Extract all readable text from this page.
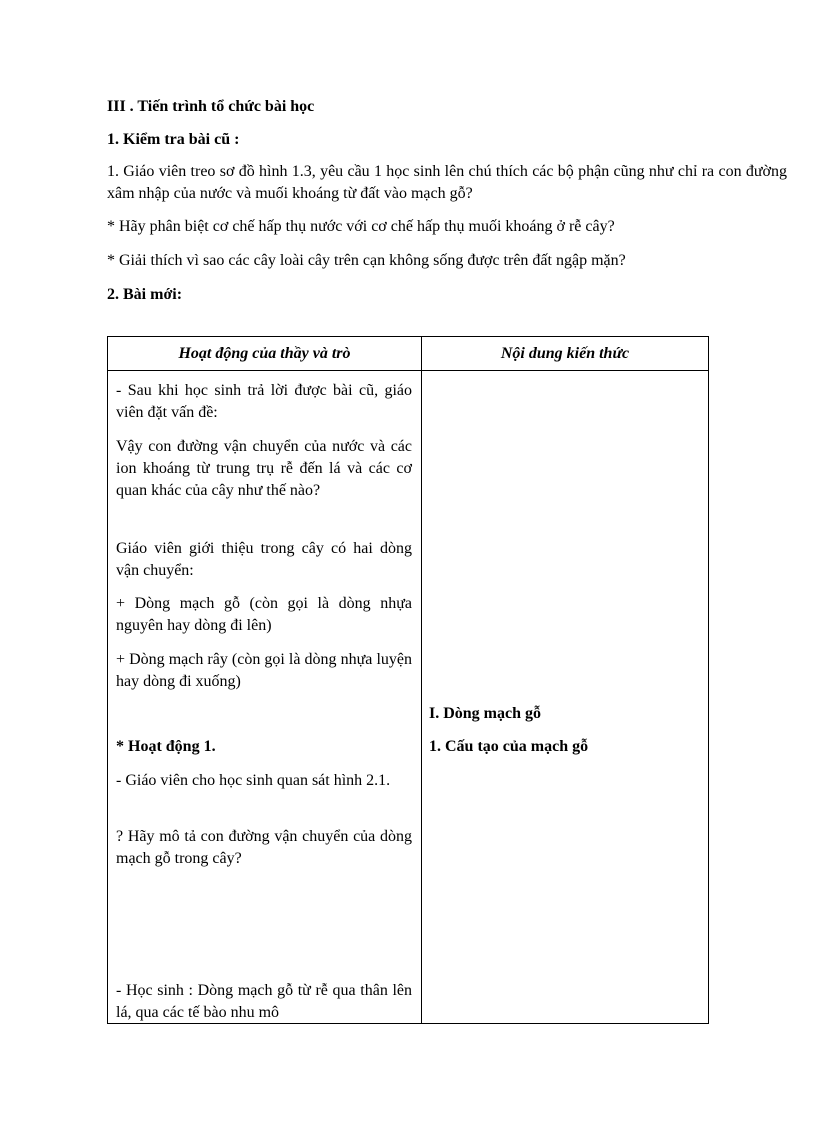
III . Tiến trình tổ chức bài học
1. Kiểm tra bài cũ :
1. Giáo viên treo sơ đồ hình 1.3, yêu cầu 1 học sinh lên chú thích các bộ phận cũng như chỉ ra con đường xâm nhập của nước và muối khoáng từ đất vào mạch gỗ?
* Hãy phân biệt cơ chế hấp thụ nước với cơ chế hấp thụ muối khoáng ở rễ cây?
* Giải thích vì sao các cây loài cây trên cạn không sống được trên đất ngập mặn?
2. Bài mới:
Hoạt động của thầy và trò	Nội dung kiến thức
- Sau khi học sinh trả lời được bài cũ, giáo viên đặt vấn đề:
Vậy con đường vận chuyển của nước và các ion khoáng từ trung trụ rễ đến lá và các cơ quan khác của cây như thế nào?
Giáo viên giới thiệu trong cây có hai dòng vận chuyển:
+ Dòng mạch gỗ (còn gọi là dòng nhựa nguyên hay dòng đi lên)
+ Dòng mạch rây (còn gọi là dòng nhựa luyện hay dòng đi xuống)
* Hoạt động 1.
- Giáo viên cho học sinh quan sát hình 2.1.
? Hãy mô tả con đường vận chuyển của dòng mạch gỗ trong cây?
- Học sinh : Dòng mạch gỗ từ rễ qua thân lên lá, qua các tế bào nhu mô
I. Dòng mạch gỗ
1. Cấu tạo của mạch gỗ
